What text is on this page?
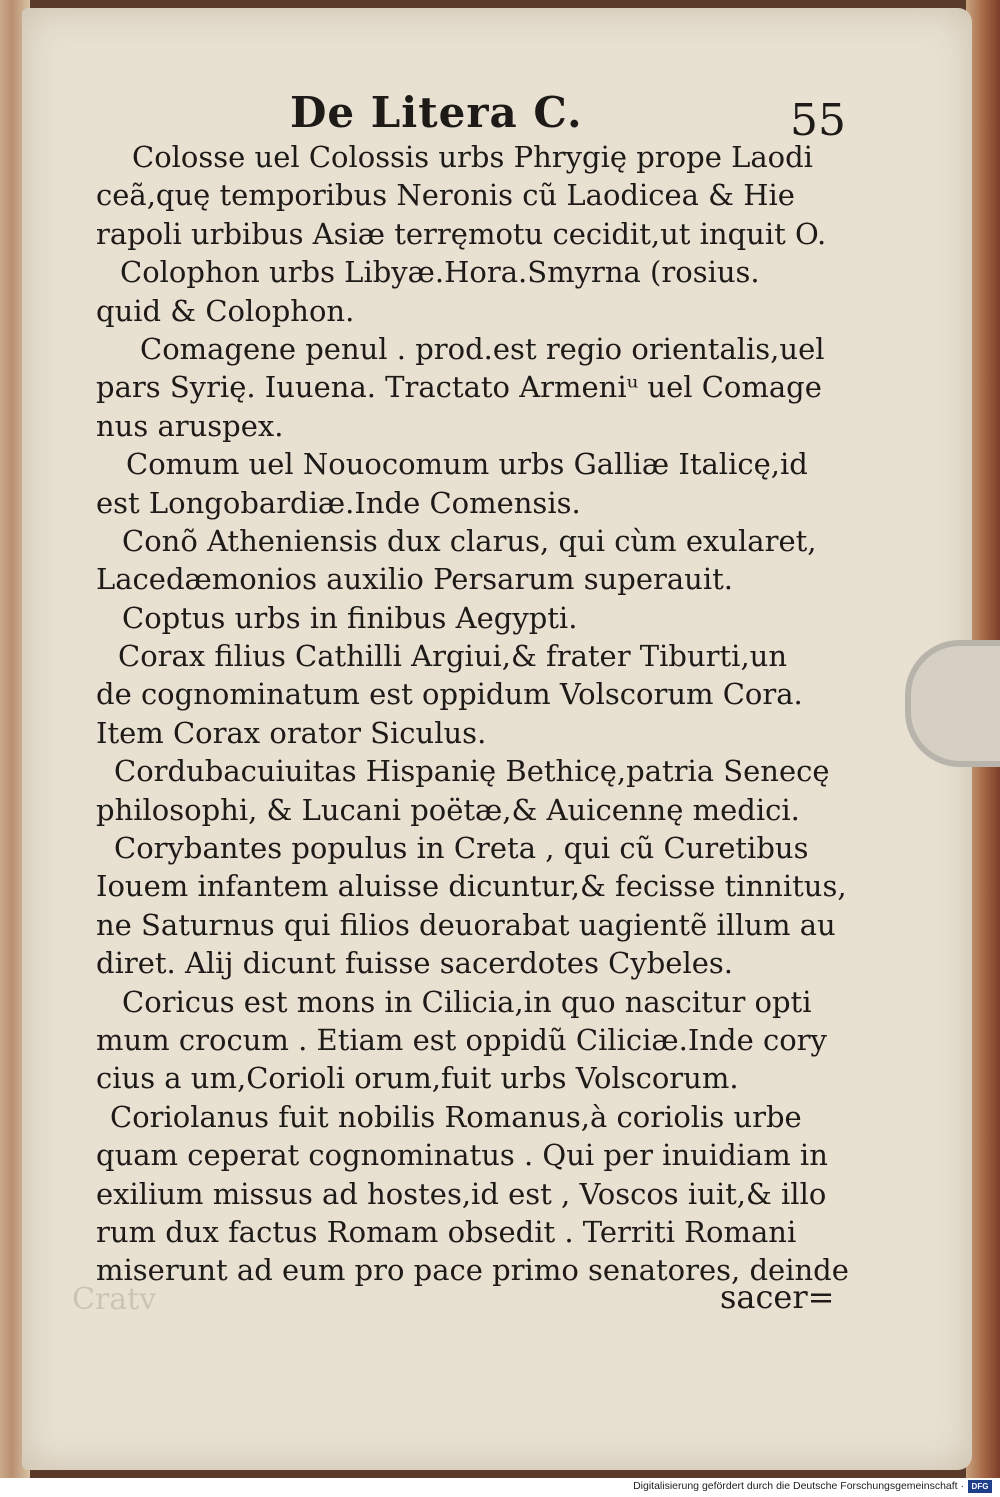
De Litera C.	55
Colosse uel Colossis urbs Phrygię prope Laodi
ceã,quę temporibus Neronis cũ Laodicea & Hie
rapoli urbibus Asiæ terręmotu cecidit,ut inquit O.
Colophon urbs Libyæ.Hora.Smyrna (rosius.
quid & Colophon.
Comagene penul . prod.est regio orientalis,uel
pars Syrię. Iuuena. Tractato Armeniᵘ uel Comage
nus aruspex.
Comum uel Nouocomum urbs Galliæ Italicę,id
est Longobardiæ.Inde Comensis.
Conõ Atheniensis dux clarus, qui cùm exularet,
Lacedæmonios auxilio Persarum superauit.
Coptus urbs in finibus Aegypti.
Corax filius Cathilli Argiui,& frater Tiburti,un
de cognominatum est oppidum Volscorum Cora.
Item Corax orator Siculus.
Cordubacuiuitas Hispanię Bethicę,patria Senecę
philosophi, & Lucani poëtæ,& Auicennę medici.
Corybantes populus in Creta , qui cũ Curetibus
Iouem infantem aluisse dicuntur,& fecisse tinnitus,
ne Saturnus qui filios deuorabat uagientẽ illum au
diret. Alij dicunt fuisse sacerdotes Cybeles.
Coricus est mons in Cilicia,in quo nascitur opti
mum crocum . Etiam est oppidũ Ciliciæ.Inde cory
cius a um,Corioli orum,fuit urbs Volscorum.
Coriolanus fuit nobilis Romanus,à coriolis urbe
quam ceperat cognominatus . Qui per inuidiam in
exilium missus ad hostes,id est , Voscos iuit,& illo
rum dux factus Romam obsedit . Territi Romani
miserunt ad eum pro pace primo senatores, deinde
Cratv	sacer=
Digitalisierung gefördert durch die Deutsche Forschungsgemeinschaft · DFG
